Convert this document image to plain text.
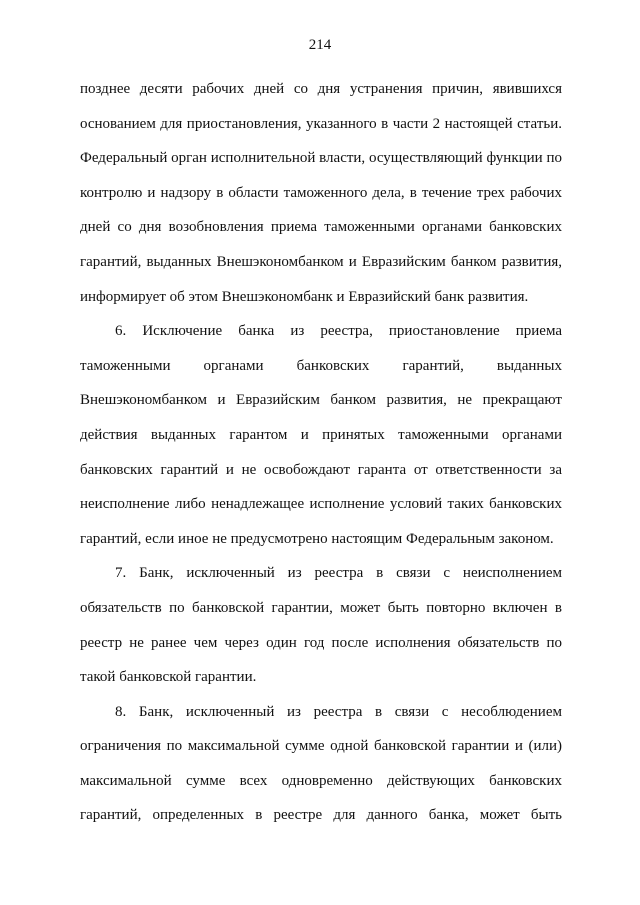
214
позднее десяти рабочих дней со дня устранения причин, явившихся
основанием для приостановления, указанного в части 2 настоящей статьи.
Федеральный орган исполнительной власти, осуществляющий функции по
контролю и надзору в области таможенного дела, в течение трех рабочих
дней со дня возобновления приема таможенными органами банковских
гарантий, выданных Внешэкономбанком и Евразийским банком развития,
информирует об этом Внешэкономбанк и Евразийский банк развития.
6. Исключение банка из реестра, приостановление приема
таможенными органами банковских гарантий, выданных
Внешэкономбанком и Евразийским банком развития, не прекращают
действия выданных гарантом и принятых таможенными органами
банковских гарантий и не освобождают гаранта от ответственности за
неисполнение либо ненадлежащее исполнение условий таких банковских
гарантий, если иное не предусмотрено настоящим Федеральным законом.
7. Банк, исключенный из реестра в связи с неисполнением
обязательств по банковской гарантии, может быть повторно включен в
реестр не ранее чем через один год после исполнения обязательств по
такой банковской гарантии.
8. Банк, исключенный из реестра в связи с несоблюдением
ограничения по максимальной сумме одной банковской гарантии и (или)
максимальной сумме всех одновременно действующих банковских
гарантий, определенных в реестре для данного банка, может быть
